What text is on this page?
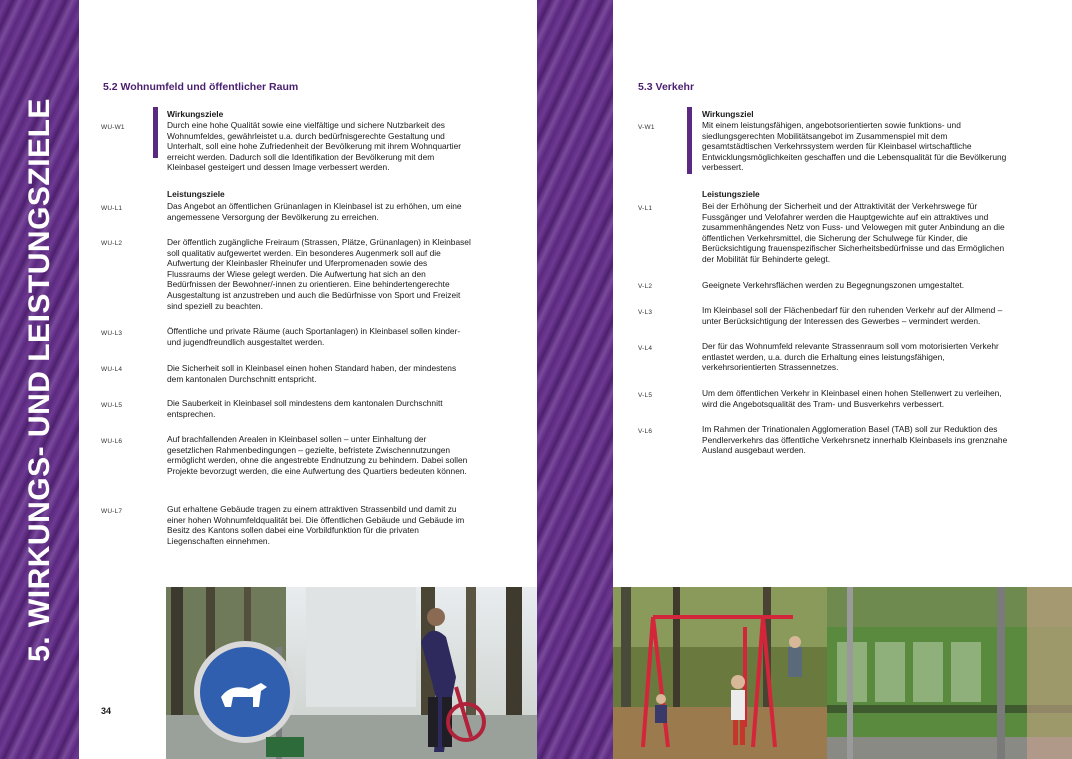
5. WIRKUNGS- UND LEISTUNGSZIELE
5.2 Wohnumfeld und öffentlicher Raum
Wirkungsziele
WU-W1	Durch eine hohe Qualität sowie eine vielfältige und sichere Nutzbarkeit des Wohnumfeldes, gewährleistet u.a. durch bedürfnisgerechte Gestaltung und Unterhalt, soll eine hohe Zufriedenheit der Bevölkerung mit ihrem Wohnquartier erreicht werden. Dadurch soll die Identifikation der Bevölkerung mit dem Kleinbasel gesteigert und dessen Image verbessert werden.
Leistungsziele
WU-L1	Das Angebot an öffentlichen Grünanlagen in Kleinbasel ist zu erhöhen, um eine angemessene Versorgung der Bevölkerung zu erreichen.
WU-L2	Der öffentlich zugängliche Freiraum (Strassen, Plätze, Grünanlagen) in Kleinbasel soll qualitativ aufgewertet werden. Ein besonderes Augenmerk soll auf die Aufwertung der Kleinbasler Rheinufer und Uferpromenaden sowie des Flussraums der Wiese gelegt werden. Die Aufwertung hat sich an den Bedürfnissen der Bewohner/-innen zu orientieren. Eine behindertengerechte Ausgestaltung ist anzustreben und auch die Bedürfnisse von Sport und Freizeit sind speziell zu beachten.
WU-L3	Öffentliche und private Räume (auch Sportanlagen) in Kleinbasel sollen kinder- und jugendfreundlich ausgestaltet werden.
WU-L4	Die Sicherheit soll in Kleinbasel einen hohen Standard haben, der mindestens dem kantonalen Durchschnitt entspricht.
WU-L5	Die Sauberkeit in Kleinbasel soll mindestens dem kantonalen Durchschnitt entsprechen.
WU-L6	Auf brachfallenden Arealen in Kleinbasel sollen – unter Einhaltung der gesetzlichen Rahmenbedingungen – gezielte, befristete Zwischennutzungen ermöglicht werden, ohne die angestrebte Endnutzung zu behindern. Dabei sollen Projekte bevorzugt werden, die eine Aufwertung des Quartiers bedeuten können.
WU-L7	Gut erhaltene Gebäude tragen zu einem attraktiven Strassenbild und damit zu einer hohen Wohnumfeldqualität bei. Die öffentlichen Gebäude und Gebäude im Besitz des Kantons sollen dabei eine Vorbildfunktion für die privaten Liegenschaften einnehmen.
34
5.3 Verkehr
Wirkungsziel
V-W1	Mit einem leistungsfähigen, angebotsorientierten sowie funktions- und siedlungsgerechten Mobilitätsangebot im Zusammenspiel mit dem gesamtstädtischen Verkehrssystem werden für Kleinbasel wirtschaftliche Entwicklungsmöglichkeiten geschaffen und die Lebensqualität für die Bevölkerung verbessert.
Leistungsziele
V-L1	Bei der Erhöhung der Sicherheit und der Attraktivität der Verkehrswege für Fussgänger und Velofahrer werden die Hauptgewichte auf ein attraktives und zusammenhängendes Netz von Fuss- und Velowegen mit guter Anbindung an die öffentlichen Verkehrsmittel, die Sicherung der Schulwege für Kinder, die Berücksichtigung frauenspezifischer Sicherheitsbedürfnisse und das Ermöglichen der Mobilität für Behinderte gelegt.
V-L2	Geeignete Verkehrsflächen werden zu Begegnungszonen umgestaltet.
V-L3	Im Kleinbasel soll der Flächenbedarf für den ruhenden Verkehr auf der Allmend – unter Berücksichtigung der Interessen des Gewerbes – vermindert werden.
V-L4	Der für das Wohnumfeld relevante Strassenraum soll vom motorisierten Verkehr entlastet werden, u.a. durch die Erhaltung eines leistungsfähigen, verkehrsorientierten Strassennetzes.
V-L5	Um dem öffentlichen Verkehr in Kleinbasel einen hohen Stellenwert zu verleihen, wird die Angebotsqualität des Tram- und Busverkehrs verbessert.
V-L6	Im Rahmen der Trinationalen Agglomeration Basel (TAB) soll zur Reduktion des Pendlerverkehrs das öffentliche Verkehrsnetz innerhalb Kleinbasels ins grenznahe Ausland ausgebaut werden.
